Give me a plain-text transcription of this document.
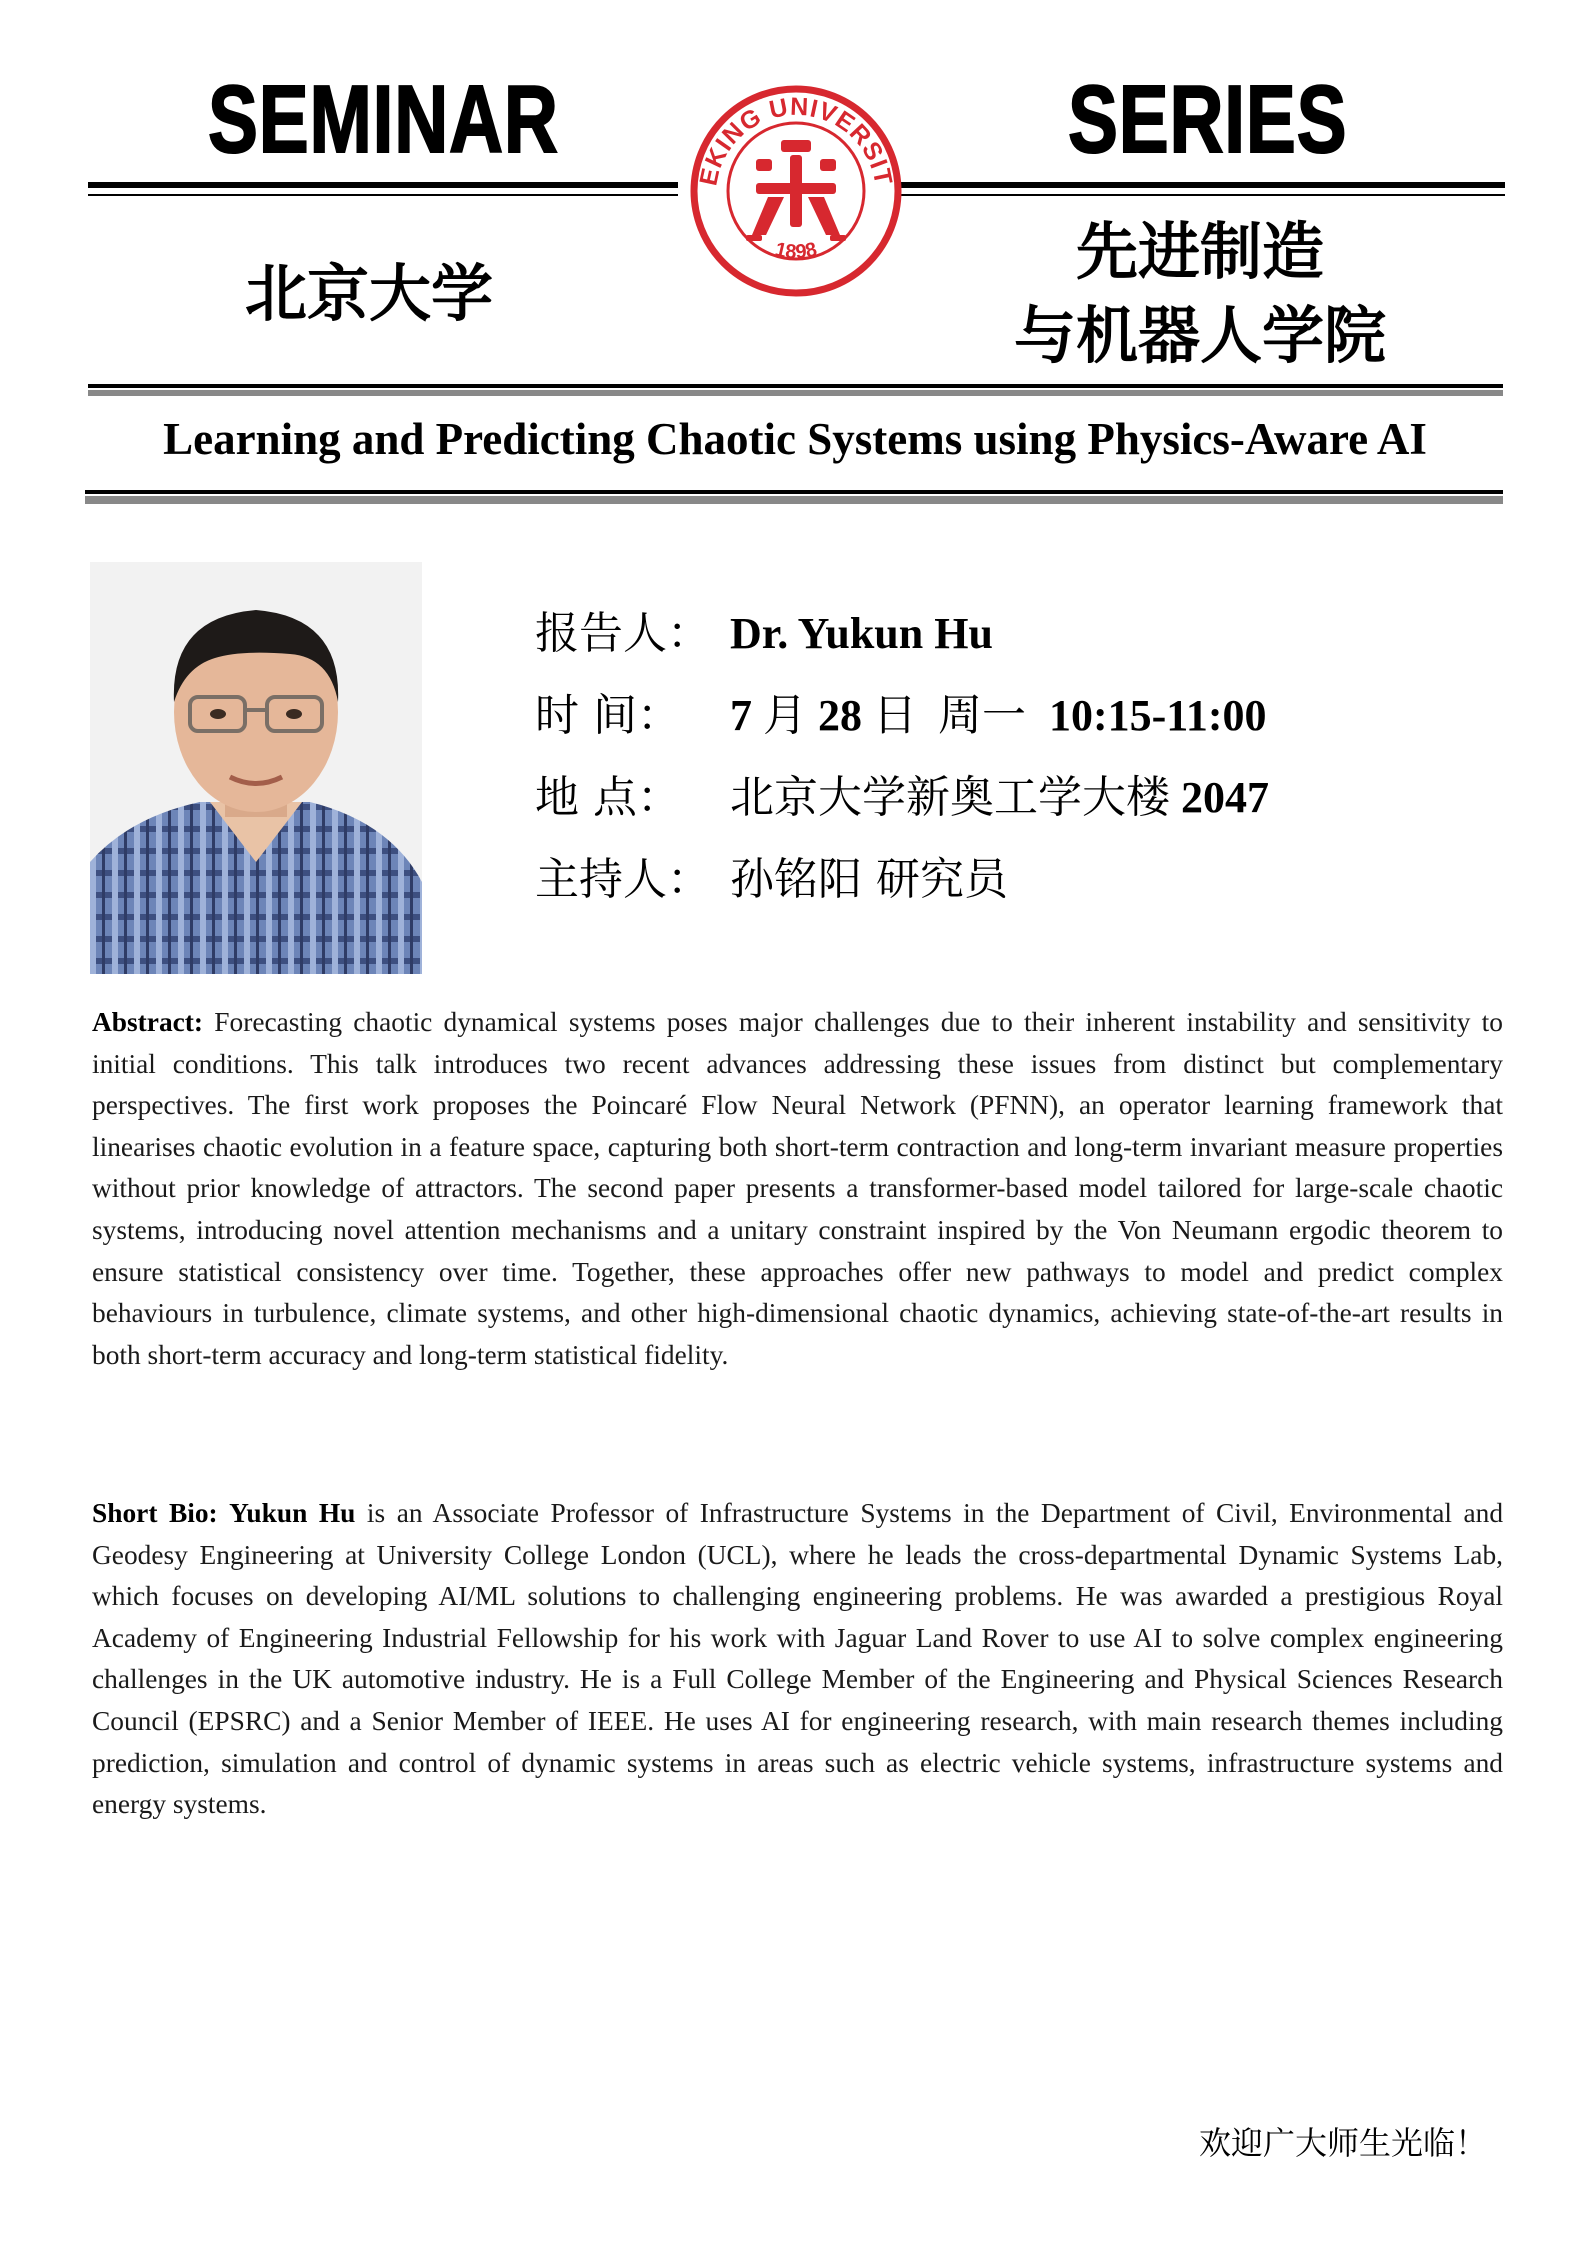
SEMINAR	SERIES
EKING UNIVERSIT
1898
北京大学
先进制造
与机器人学院
Learning and Predicting Chaotic Systems using Physics-Aware AI
报告人： Dr. Yukun Hu
时 间： 7 月 28 日 周一 10:15-11:00
地 点： 北京大学新奥工学大楼 2047
主持人： 孙铭阳 研究员
Abstract: Forecasting chaotic dynamical systems poses major challenges due to their inherent instability and sensitivity to initial conditions. This talk introduces two recent advances addressing these issues from distinct but complementary perspectives. The first work proposes the Poincaré Flow Neural Network (PFNN), an operator learning framework that linearises chaotic evolution in a feature space, capturing both short-term contraction and long-term invariant measure properties without prior knowledge of attractors. The second paper presents a transformer-based model tailored for large-scale chaotic systems, introducing novel attention mechanisms and a unitary constraint inspired by the Von Neumann ergodic theorem to ensure statistical consistency over time. Together, these approaches offer new pathways to model and predict complex behaviours in turbulence, climate systems, and other high-dimensional chaotic dynamics, achieving state-of-the-art results in both short-term accuracy and long-term statistical fidelity.
Short Bio: Yukun Hu is an Associate Professor of Infrastructure Systems in the Department of Civil, Environmental and Geodesy Engineering at University College London (UCL), where he leads the cross-departmental Dynamic Systems Lab, which focuses on developing AI/ML solutions to challenging engineering problems. He was awarded a prestigious Royal Academy of Engineering Industrial Fellowship for his work with Jaguar Land Rover to use AI to solve complex engineering challenges in the UK automotive industry. He is a Full College Member of the Engineering and Physical Sciences Research Council (EPSRC) and a Senior Member of IEEE. He uses AI for engineering research, with main research themes including prediction, simulation and control of dynamic systems in areas such as electric vehicle systems, infrastructure systems and energy systems.
欢迎广大师生光临！
